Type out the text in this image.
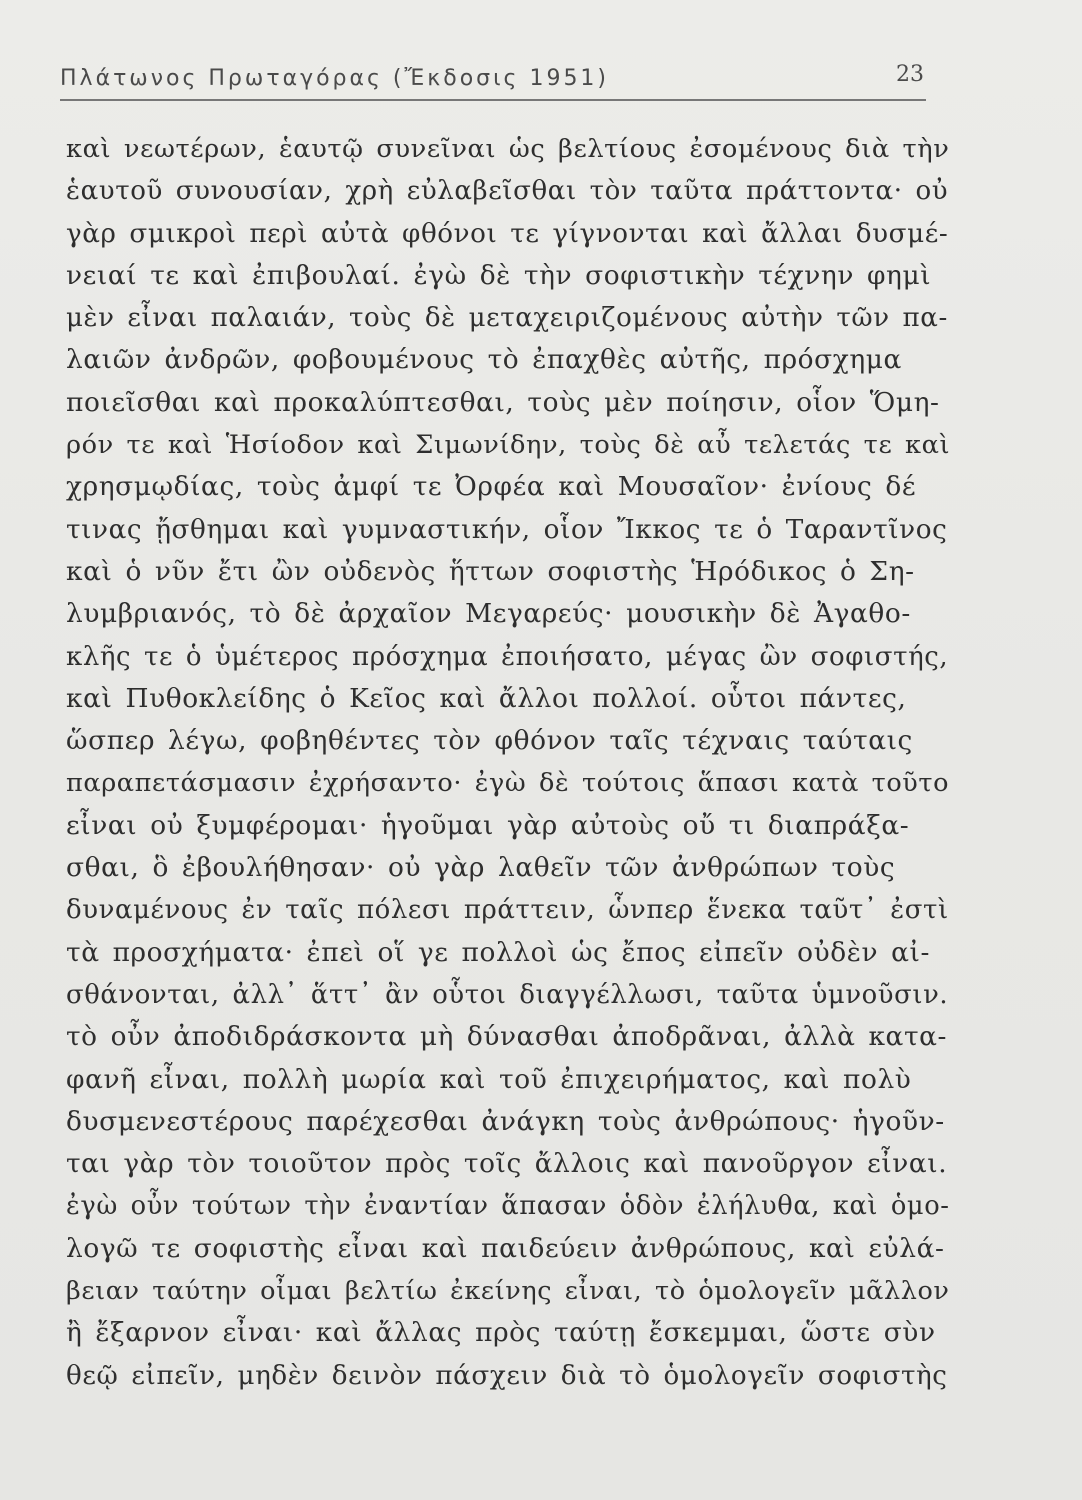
Πλάτωνος Πρωταγόρας (Ἔκδοσις 1951)	23
καὶ νεωτέρων, ἑαυτῷ συνεῖναι ὡς βελτίους ἐσομένους διὰ τὴν
ἑαυτοῦ συνουσίαν, χρὴ εὐλαβεῖσθαι τὸν ταῦτα πράττοντα· οὐ
γὰρ σμικροὶ περὶ αὐτὰ φθόνοι τε γίγνονται καὶ ἄλλαι δυσμέ-
νειαί τε καὶ ἐπιβουλαί. ἐγὼ δὲ τὴν σοφιστικὴν τέχνην φημὶ
μὲν εἶναι παλαιάν, τοὺς δὲ μεταχειριζομένους αὐτὴν τῶν πα-
λαιῶν ἀνδρῶν, φοβουμένους τὸ ἐπαχθὲς αὐτῆς, πρόσχημα
ποιεῖσθαι καὶ προκαλύπτεσθαι, τοὺς μὲν ποίησιν, οἷον Ὅμη-
ρόν τε καὶ Ἡσίοδον καὶ Σιμωνίδην, τοὺς δὲ αὖ τελετάς τε καὶ
χρησμῳδίας, τοὺς ἀμφί τε Ὀρφέα καὶ Μουσαῖον· ἐνίους δέ
τινας ᾔσθημαι καὶ γυμναστικήν, οἷον Ἴκκος τε ὁ Ταραντῖνος
καὶ ὁ νῦν ἔτι ὢν οὐδενὸς ἥττων σοφιστὴς Ἡρόδικος ὁ Ση-
λυμβριανός, τὸ δὲ ἀρχαῖον Μεγαρεύς· μουσικὴν δὲ Ἀγαθο-
κλῆς τε ὁ ὑμέτερος πρόσχημα ἐποιήσατο, μέγας ὢν σοφιστής,
καὶ Πυθοκλείδης ὁ Κεῖος καὶ ἄλλοι πολλοί. οὗτοι πάντες,
ὥσπερ λέγω, φοβηθέντες τὸν φθόνον ταῖς τέχναις ταύταις
παραπετάσμασιν ἐχρήσαντο· ἐγὼ δὲ τούτοις ἅπασι κατὰ τοῦτο
εἶναι οὐ ξυμφέρομαι· ἡγοῦμαι γὰρ αὐτοὺς οὔ τι διαπράξα-
σθαι, ὃ ἐβουλήθησαν· οὐ γὰρ λαθεῖν τῶν ἀνθρώπων τοὺς
δυναμένους ἐν ταῖς πόλεσι πράττειν, ὧνπερ ἕνεκα ταῦτ᾽ ἐστὶ
τὰ προσχήματα· ἐπεὶ οἵ γε πολλοὶ ὡς ἔπος εἰπεῖν οὐδὲν αἰ-
σθάνονται, ἀλλ᾽ ἅττ᾽ ἂν οὗτοι διαγγέλλωσι, ταῦτα ὑμνοῦσιν.
τὸ οὖν ἀποδιδράσκοντα μὴ δύνασθαι ἀποδρᾶναι, ἀλλὰ κατα-
φανῆ εἶναι, πολλὴ μωρία καὶ τοῦ ἐπιχειρήματος, καὶ πολὺ
δυσμενεστέρους παρέχεσθαι ἀνάγκη τοὺς ἀνθρώπους· ἡγοῦν-
ται γὰρ τὸν τοιοῦτον πρὸς τοῖς ἄλλοις καὶ πανοῦργον εἶναι.
ἐγὼ οὖν τούτων τὴν ἐναντίαν ἅπασαν ὁδὸν ἐλήλυθα, καὶ ὁμο-
λογῶ τε σοφιστὴς εἶναι καὶ παιδεύειν ἀνθρώπους, καὶ εὐλά-
βειαν ταύτην οἶμαι βελτίω ἐκείνης εἶναι, τὸ ὁμολογεῖν μᾶλλον
ἢ ἔξαρνον εἶναι· καὶ ἄλλας πρὸς ταύτῃ ἔσκεμμαι, ὥστε σὺν
θεῷ εἰπεῖν, μηδὲν δεινὸν πάσχειν διὰ τὸ ὁμολογεῖν σοφιστὴς
